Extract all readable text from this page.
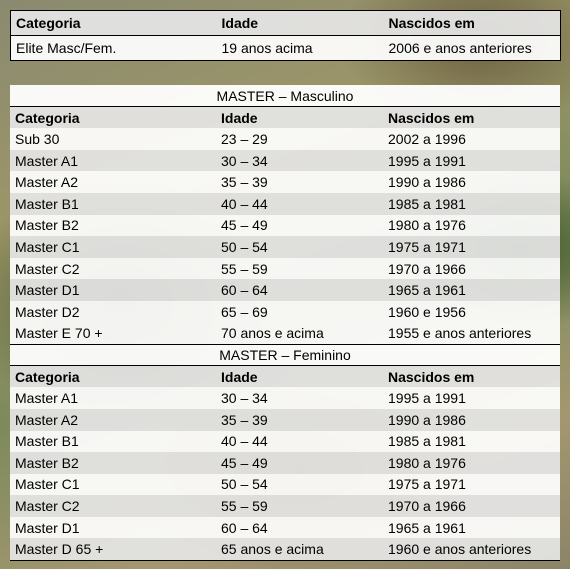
Categoria	Idade	Nascidos em
Elite Masc/Fem.	19 anos acima	2006 e anos anteriores
MASTER – Masculino		
Categoria	Idade	Nascidos em
Sub 30	23 – 29	2002 a 1996
Master A1	30 – 34	1995 a 1991
Master A2	35 – 39	1990 a 1986
Master B1	40 – 44	1985 a 1981
Master B2	45 – 49	1980 a 1976
Master C1	50 – 54	1975 a 1971
Master C2	55 – 59	1970 a 1966
Master D1	60 – 64	1965 a 1961
Master D2	65 – 69	1960 e 1956
Master E 70 +	70 anos e acima	1955 e anos anteriores
MASTER – Feminino		
Categoria	Idade	Nascidos em
Master A1	30 – 34	1995 a 1991
Master A2	35 – 39	1990 a 1986
Master B1	40 – 44	1985 a 1981
Master B2	45 – 49	1980 a 1976
Master C1	50 – 54	1975 a 1971
Master C2	55 – 59	1970 a 1966
Master D1	60 – 64	1965 a 1961
Master D 65 +	65 anos e acima	1960 e anos anteriores
